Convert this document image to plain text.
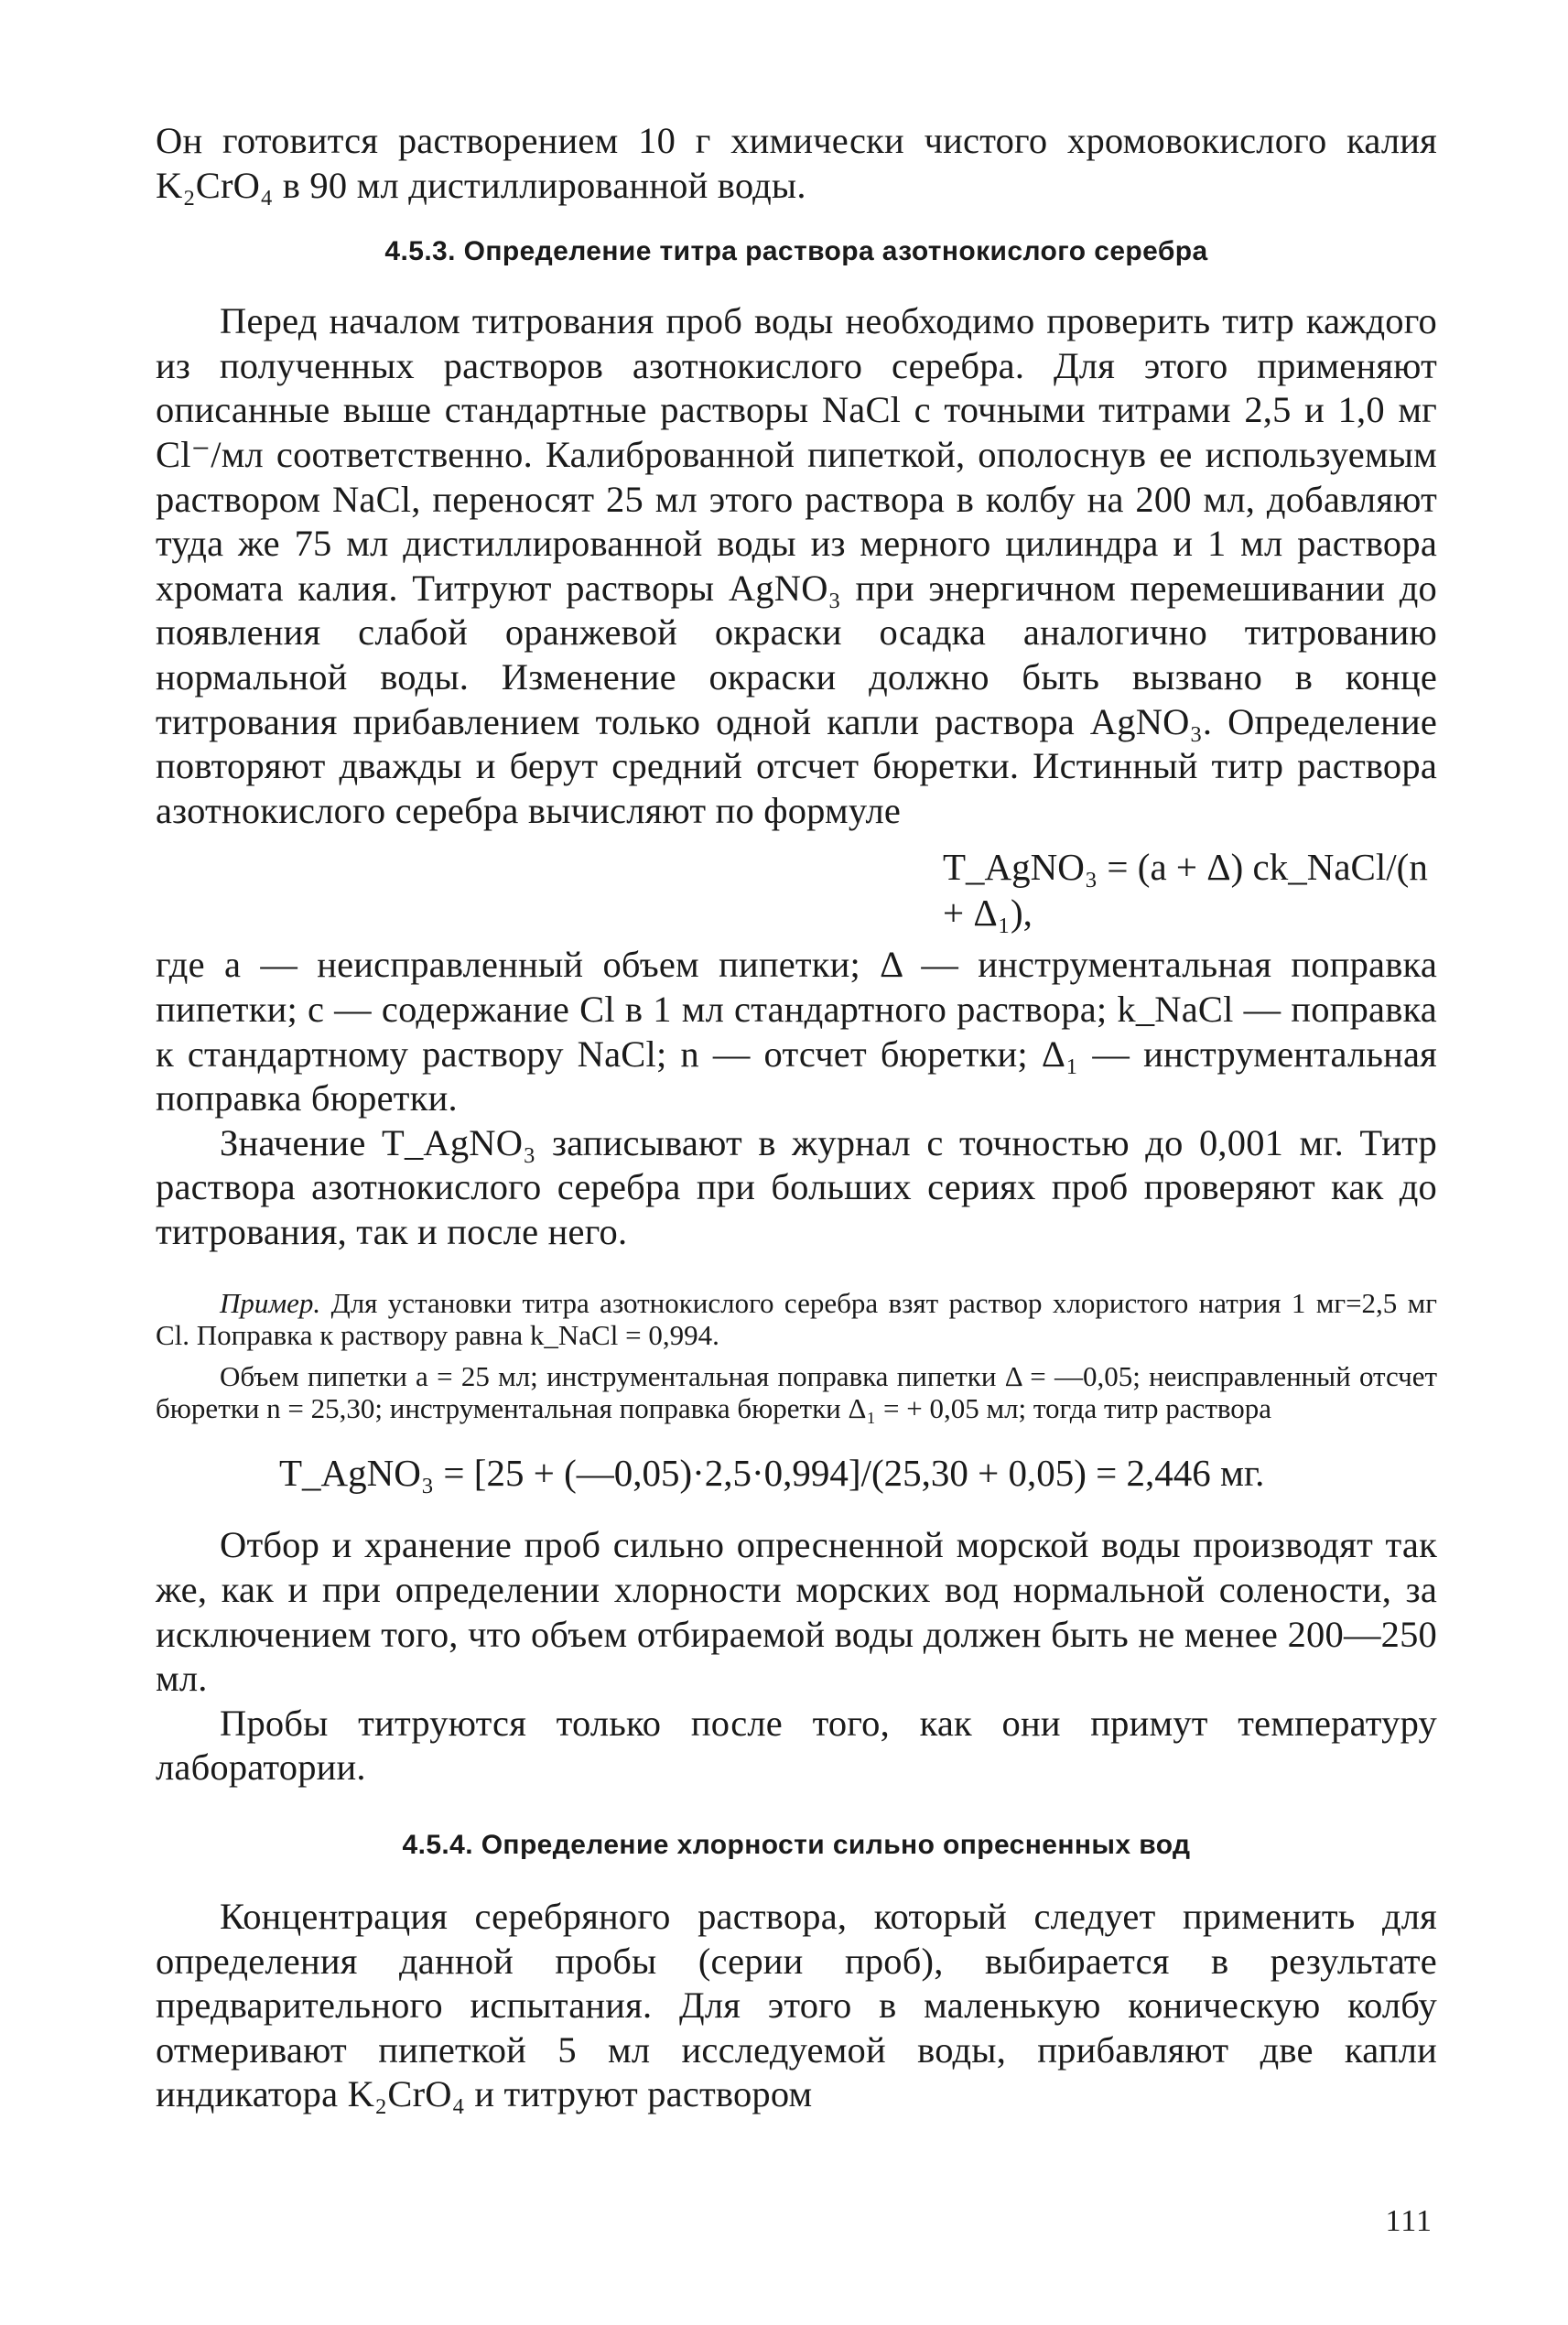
Он готовится растворением 10 г химически чистого хромовокислого калия K₂CrO₄ в 90 мл дистиллированной воды.

4.5.3. Определение титра раствора азотнокислого серебра

Перед началом титрования проб воды необходимо проверить титр каждого из полученных растворов азотнокислого серебра. Для этого применяют описанные выше стандартные растворы NaCl с точными титрами 2,5 и 1,0 мг Cl⁻/мл соответственно. Калиброванной пипеткой, ополоснув ее используемым раствором NaCl, переносят 25 мл этого раствора в колбу на 200 мл, добавляют туда же 75 мл дистиллированной воды из мерного цилиндра и 1 мл раствора хромата калия. Титруют растворы AgNO₃ при энергичном перемешивании до появления слабой оранжевой окраски осадка аналогично титрованию нормальной воды. Изменение окраски должно быть вызвано в конце титрования прибавлением только одной капли раствора AgNO₃. Определение повторяют дважды и берут средний отсчет бюретки. Истинный титр раствора азотнокислого серебра вычисляют по формуле

T_AgNO₃ = (a + Δ) ck_NaCl/(n + Δ₁),

где a — неисправленный объем пипетки; Δ — инструментальная поправка пипетки; c — содержание Cl в 1 мл стандартного раствора; k_NaCl — поправка к стандартному раствору NaCl; n — отсчет бюретки; Δ₁ — инструментальная поправка бюретки.

Значение T_AgNO₃ записывают в журнал с точностью до 0,001 мг. Титр раствора азотнокислого серебра при больших сериях проб проверяют как до титрования, так и после него.

Пример. Для установки титра азотнокислого серебра взят раствор хлористого натрия 1 мг=2,5 мг Cl. Поправка к раствору равна k_NaCl = 0,994.

Объем пипетки a = 25 мл; инструментальная поправка пипетки Δ = —0,05; неисправленный отсчет бюретки n = 25,30; инструментальная поправка бюретки Δ₁ = + 0,05 мл; тогда титр раствора

T_AgNO₃ = [25 + (—0,05)·2,5·0,994]/(25,30 + 0,05) = 2,446 мг.

Отбор и хранение проб сильно опресненной морской воды производят так же, как и при определении хлорности морских вод нормальной солености, за исключением того, что объем отбираемой воды должен быть не менее 200—250 мл.

Пробы титруются только после того, как они примут температуру лаборатории.

4.5.4. Определение хлорности сильно опресненных вод

Концентрация серебряного раствора, который следует применить для определения данной пробы (серии проб), выбирается в результате предварительного испытания. Для этого в маленькую коническую колбу отмеривают пипеткой 5 мл исследуемой воды, прибавляют две капли индикатора K₂CrO₄ и титруют раствором

111
